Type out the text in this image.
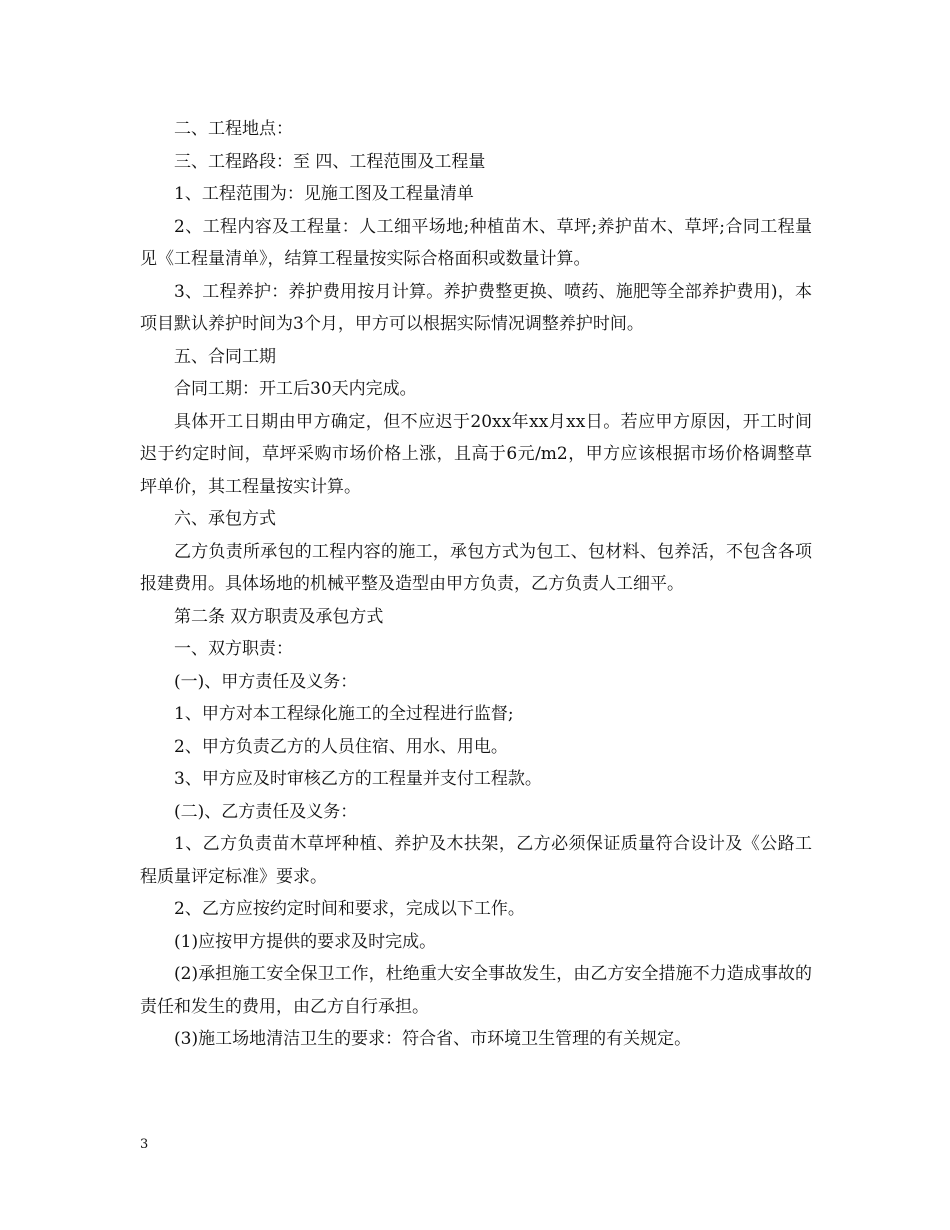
二、工程地点：

三、工程路段：至 四、工程范围及工程量

1、工程范围为：见施工图及工程量清单

2、工程内容及工程量：人工细平场地;种植苗木、草坪;养护苗木、草坪;合同工程量见《工程量清单》，结算工程量按实际合格面积或数量计算。

3、工程养护：养护费用按月计算。养护费整更换、喷药、施肥等全部养护费用)，本项目默认养护时间为3个月，甲方可以根据实际情况调整养护时间。

五、合同工期

合同工期：开工后30天内完成。

具体开工日期由甲方确定，但不应迟于20xx年xx月xx日。若应甲方原因，开工时间迟于约定时间，草坪采购市场价格上涨，且高于6元/m2，甲方应该根据市场价格调整草坪单价，其工程量按实计算。

六、承包方式

乙方负责所承包的工程内容的施工，承包方式为包工、包材料、包养活，不包含各项报建费用。具体场地的机械平整及造型由甲方负责，乙方负责人工细平。

第二条 双方职责及承包方式

一、双方职责：

(一)、甲方责任及义务：

1、甲方对本工程绿化施工的全过程进行监督;

2、甲方负责乙方的人员住宿、用水、用电。

3、甲方应及时审核乙方的工程量并支付工程款。

(二)、乙方责任及义务：

1、乙方负责苗木草坪种植、养护及木扶架，乙方必须保证质量符合设计及《公路工程质量评定标准》要求。

2、乙方应按约定时间和要求，完成以下工作。

(1)应按甲方提供的要求及时完成。

(2)承担施工安全保卫工作，杜绝重大安全事故发生，由乙方安全措施不力造成事故的责任和发生的费用，由乙方自行承担。

(3)施工场地清洁卫生的要求：符合省、市环境卫生管理的有关规定。

3
